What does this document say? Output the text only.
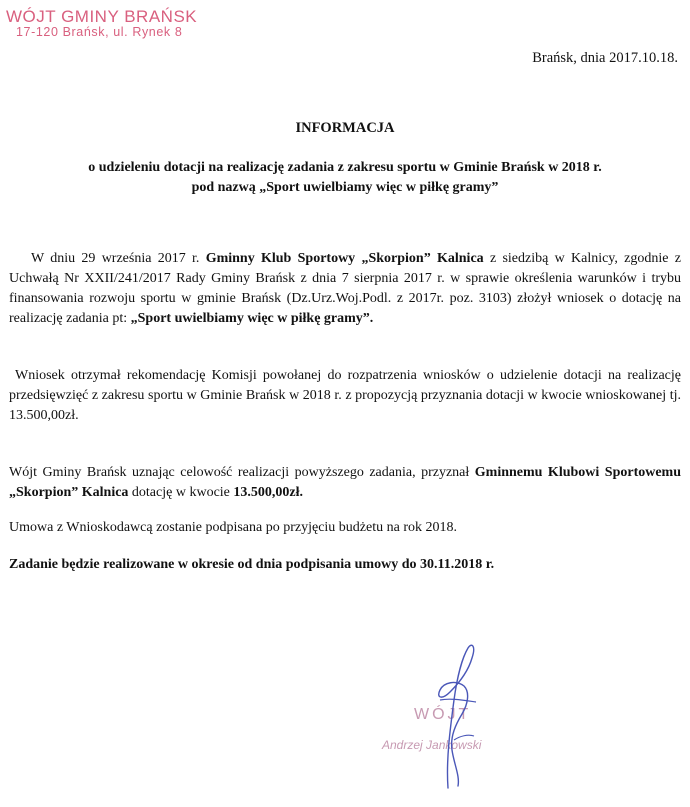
WÓJT GMINY BRAŃSK
17-120 Brańsk, ul. Rynek 8
Brańsk, dnia 2017.10.18.
INFORMACJA
o udzieleniu dotacji na realizację zadania z zakresu sportu w Gminie Brańsk w 2018 r.
pod nazwą „Sport uwielbiamy więc w piłkę gramy”

W dniu 29 września 2017 r. Gminny Klub Sportowy „Skorpion” Kalnica z siedzibą w Kalnicy, zgodnie z Uchwałą Nr XXII/241/2017 Rady Gminy Brańsk z dnia 7 sierpnia 2017 r. w sprawie określenia warunków i trybu finansowania rozwoju sportu w gminie Brańsk (Dz.Urz.Woj.Podl. z 2017r. poz. 3103) złożył wniosek o dotację na realizację zadania pt: „Sport uwielbiamy więc w piłkę gramy”.

Wniosek otrzymał rekomendację Komisji powołanej do rozpatrzenia wniosków o udzielenie dotacji na realizację przedsięwzięć z zakresu sportu w Gminie Brańsk w 2018 r. z propozycją przyznania dotacji w kwocie wnioskowanej tj. 13.500,00zł.

Wójt Gminy Brańsk uznając celowość realizacji powyższego zadania, przyznał Gminnemu Klubowi Sportowemu „Skorpion” Kalnica dotację w kwocie 13.500,00zł.

Umowa z Wnioskodawcą zostanie podpisana po przyjęciu budżetu na rok 2018.

Zadanie będzie realizowane w okresie od dnia podpisania umowy do 30.11.2018 r.

WÓJT
Andrzej Jankowski
